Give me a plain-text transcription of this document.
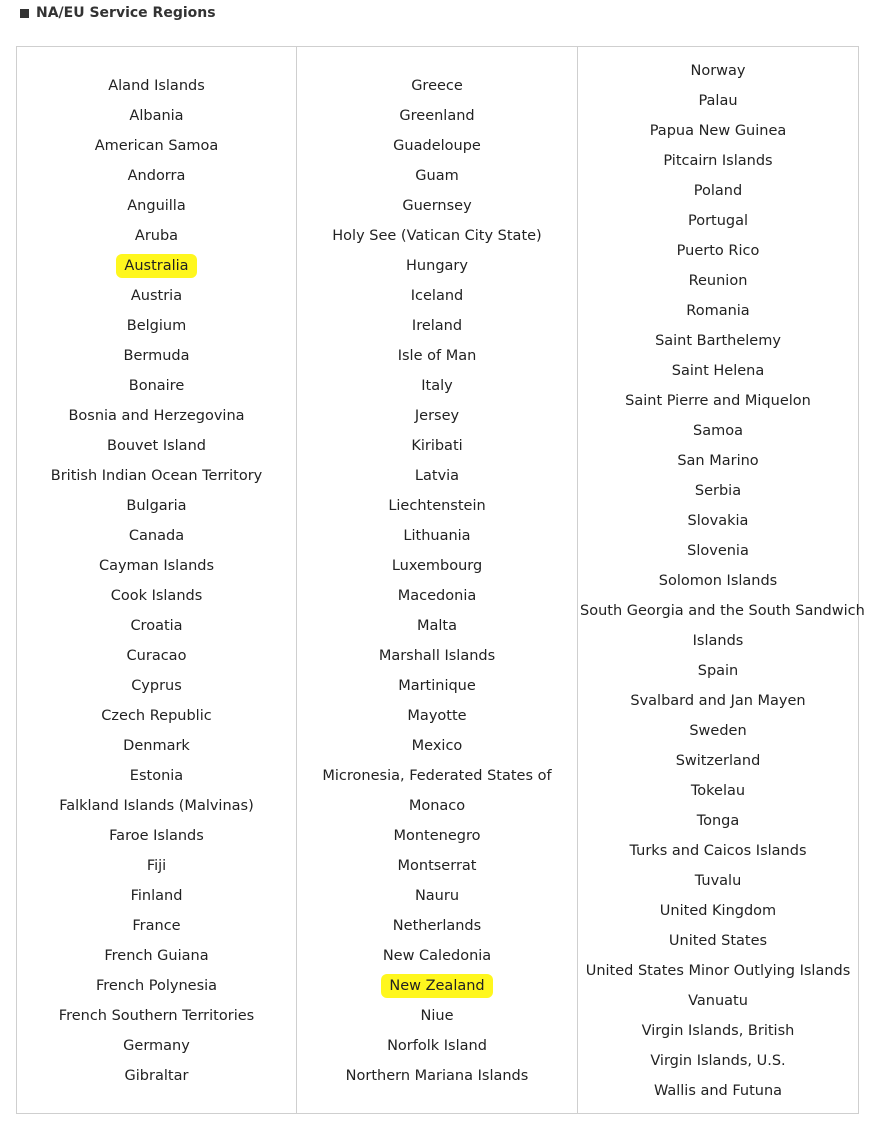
NA/EU Service Regions
Aland Islands
Albania
American Samoa
Andorra
Anguilla
Aruba
Australia
Austria
Belgium
Bermuda
Bonaire
Bosnia and Herzegovina
Bouvet Island
British Indian Ocean Territory
Bulgaria
Canada
Cayman Islands
Cook Islands
Croatia
Curacao
Cyprus
Czech Republic
Denmark
Estonia
Falkland Islands (Malvinas)
Faroe Islands
Fiji
Finland
France
French Guiana
French Polynesia
French Southern Territories
Germany
Gibraltar

Greece
Greenland
Guadeloupe
Guam
Guernsey
Holy See (Vatican City State)
Hungary
Iceland
Ireland
Isle of Man
Italy
Jersey
Kiribati
Latvia
Liechtenstein
Lithuania
Luxembourg
Macedonia
Malta
Marshall Islands
Martinique
Mayotte
Mexico
Micronesia, Federated States of
Monaco
Montenegro
Montserrat
Nauru
Netherlands
New Caledonia
New Zealand
Niue
Norfolk Island
Northern Mariana Islands

Norway
Palau
Papua New Guinea
Pitcairn Islands
Poland
Portugal
Puerto Rico
Reunion
Romania
Saint Barthelemy
Saint Helena
Saint Pierre and Miquelon
Samoa
San Marino
Serbia
Slovakia
Slovenia
Solomon Islands
South Georgia and the South Sandwich
Islands
Spain
Svalbard and Jan Mayen
Sweden
Switzerland
Tokelau
Tonga
Turks and Caicos Islands
Tuvalu
United Kingdom
United States
United States Minor Outlying Islands
Vanuatu
Virgin Islands, British
Virgin Islands, U.S.
Wallis and Futuna
